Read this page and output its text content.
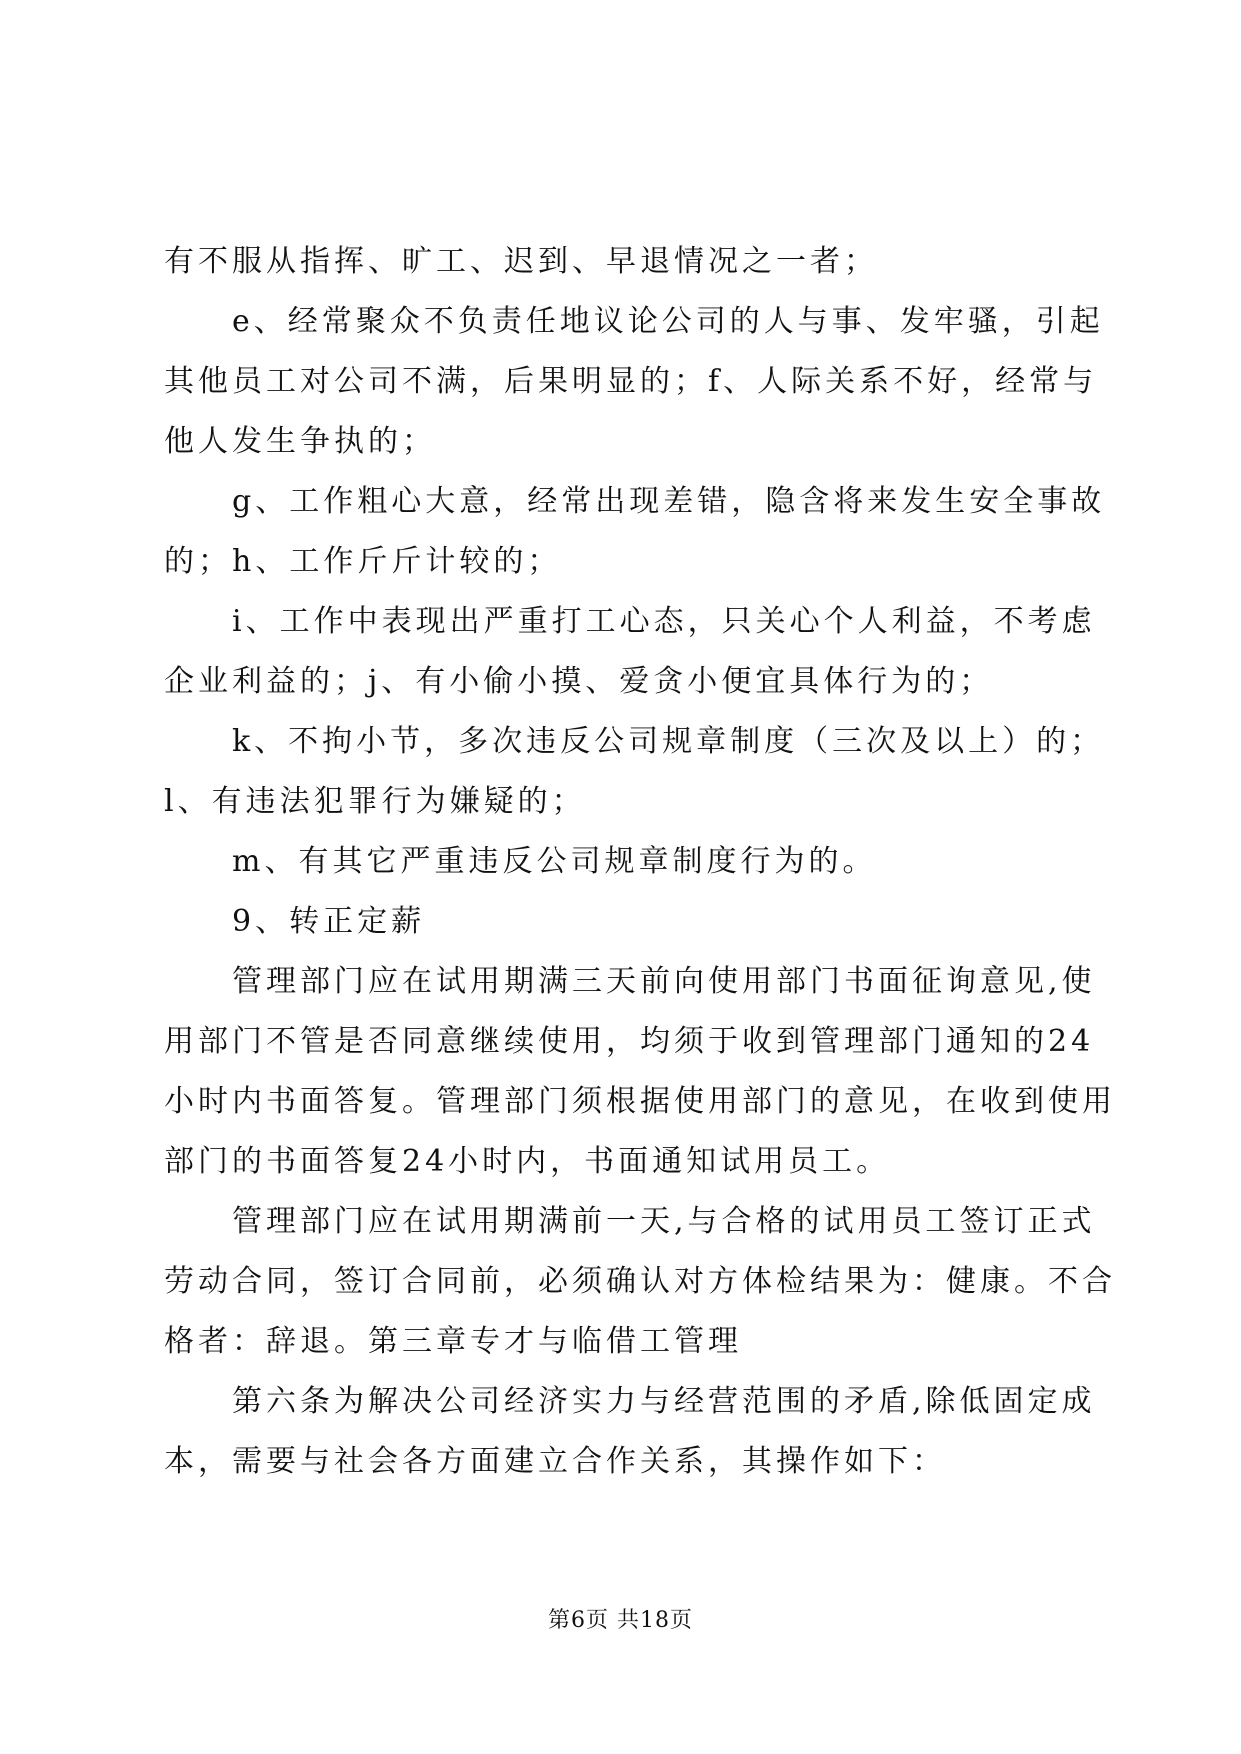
有不服从指挥、旷工、迟到、早退情况之一者；

e、经常聚众不负责任地议论公司的人与事、发牢骚，引起

其他员工对公司不满，后果明显的；f、人际关系不好，经常与

他人发生争执的；

g、工作粗心大意，经常出现差错，隐含将来发生安全事故

的；h、工作斤斤计较的；

i、工作中表现出严重打工心态，只关心个人利益，不考虑

企业利益的；j、有小偷小摸、爱贪小便宜具体行为的；

k、不拘小节，多次违反公司规章制度（三次及以上）的；

l、有违法犯罪行为嫌疑的；

m、有其它严重违反公司规章制度行为的。

9、转正定薪

管理部门应在试用期满三天前向使用部门书面征询意见,使

用部门不管是否同意继续使用，均须于收到管理部门通知的24

小时内书面答复。管理部门须根据使用部门的意见，在收到使用

部门的书面答复24小时内，书面通知试用员工。

管理部门应在试用期满前一天,与合格的试用员工签订正式

劳动合同，签订合同前，必须确认对方体检结果为：健康。不合

格者：辞退。第三章专才与临借工管理

第六条为解决公司经济实力与经营范围的矛盾,除低固定成

本，需要与社会各方面建立合作关系，其操作如下：

第6页 共18页
